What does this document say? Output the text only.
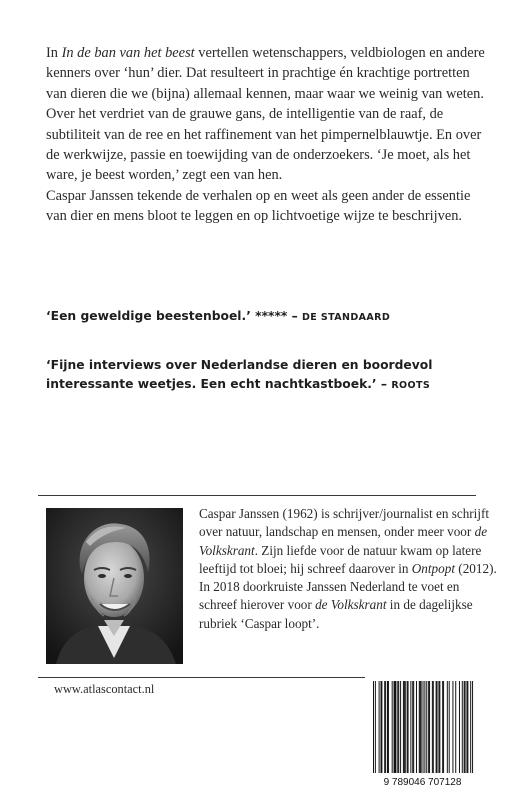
In In de ban van het beest vertellen wetenschappers, veldbiologen en andere kenners over ‘hun’ dier. Dat resulteert in prachtige én krachtige portretten van dieren die we (bijna) allemaal kennen, maar waar we weinig van weten. Over het verdriet van de grauwe gans, de intelligentie van de raaf, de subtiliteit van de ree en het raffinement van het pimpernelblauwtje. En over de werkwijze, passie en toewijding van de onderzoekers. ‘Je moet, als het ware, je beest worden,’ zegt een van hen.

Caspar Janssen tekende de verhalen op en weet als geen ander de essentie van dier en mens bloot te leggen en op lichtvoetige wijze te beschrijven.

‘Een geweldige beestenboel.’ ***** – DE STANDAARD
‘Fijne interviews over Nederlandse dieren en boordevol interessante weetjes. Een echt nachtkastboek.’ – ROOTS

Caspar Janssen (1962) is schrijver/journalist en schrijft over natuur, landschap en mensen, onder meer voor de Volkskrant. Zijn liefde voor de natuur kwam op latere leeftijd tot bloei; hij schreef daarover in Ontpopt (2012). In 2018 doorkruiste Janssen Nederland te voet en schreef hierover voor de Volkskrant in de dagelijkse rubriek ‘Caspar loopt’.

www.atlascontact.nl
9 789046 707128
